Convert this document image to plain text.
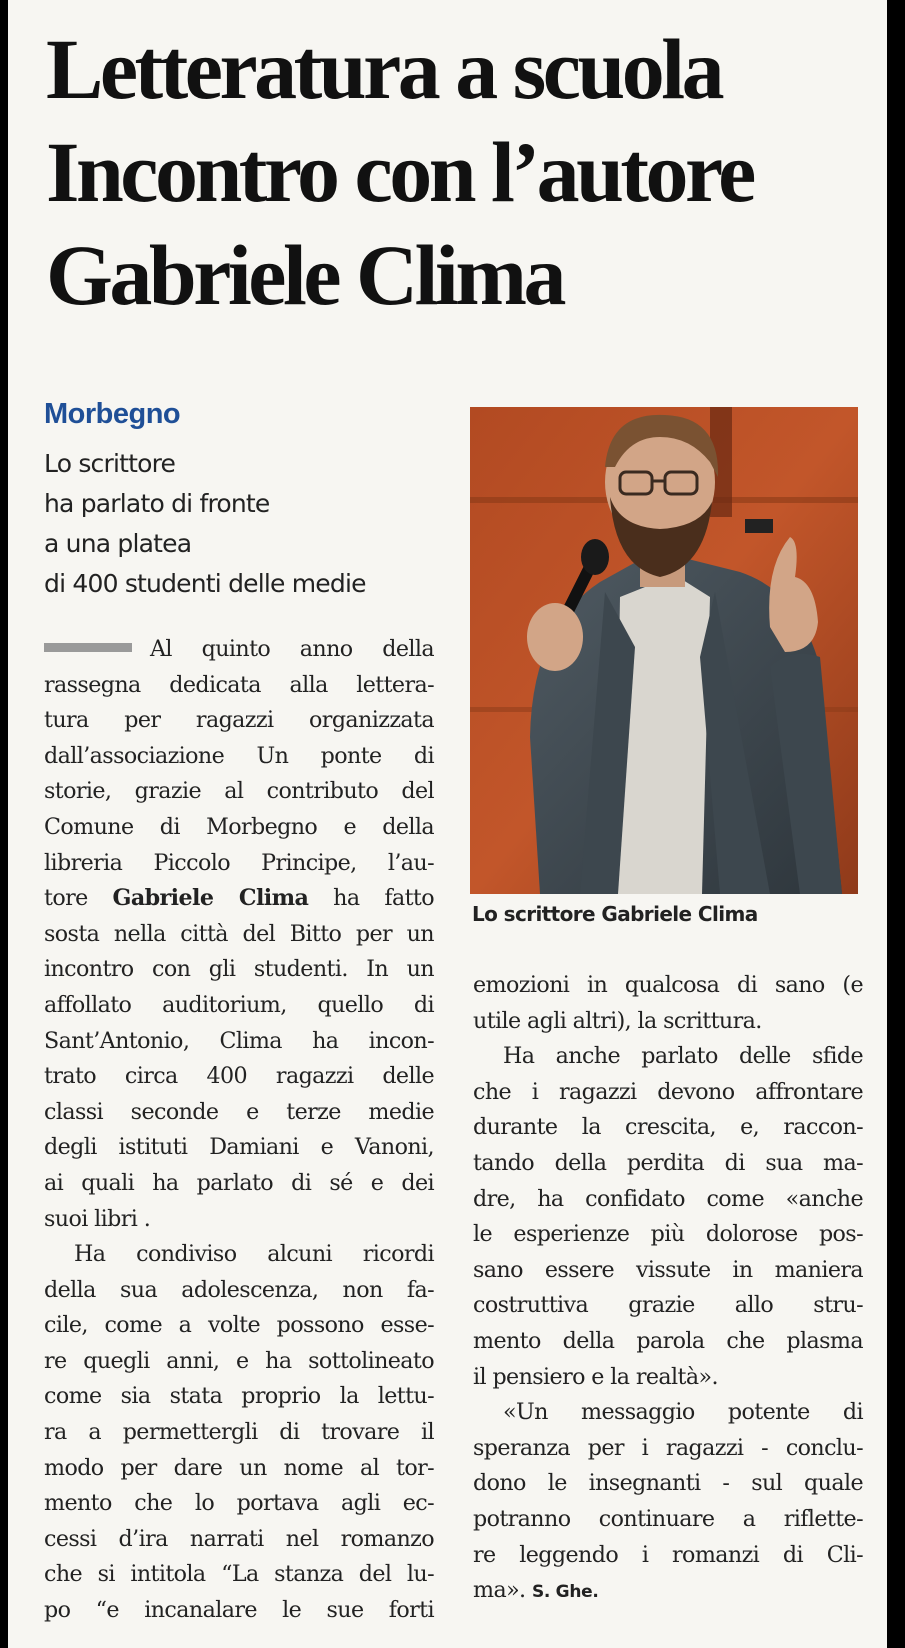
Letteratura a scuola
Incontro con l’autore
Gabriele Clima
Morbegno
Lo scrittore
ha parlato di fronte
a una platea
di 400 studenti delle medie
Al quinto anno della
rassegna dedicata alla lettera-
tura per ragazzi organizzata
dall’associazione Un ponte di
storie, grazie al contributo del
Comune di Morbegno e della
libreria Piccolo Principe, l’au-
tore Gabriele Clima ha fatto
sosta nella città del Bitto per un
incontro con gli studenti. In un
affollato auditorium, quello di
Sant’Antonio, Clima ha incon-
trato circa 400 ragazzi delle
classi seconde e terze medie
degli istituti Damiani e Vanoni,
ai quali ha parlato di sé e dei
suoi libri .
Ha condiviso alcuni ricordi
della sua adolescenza, non fa-
cile, come a volte possono esse-
re quegli anni, e ha sottolineato
come sia stata proprio la lettu-
ra a permettergli di trovare il
modo per dare un nome al tor-
mento che lo portava agli ec-
cessi d’ira narrati nel romanzo
che si intitola “La stanza del lu-
po “e incanalare le sue forti
Lo scrittore Gabriele Clima
emozioni in qualcosa di sano (e
utile agli altri), la scrittura.
Ha anche parlato delle sfide
che i ragazzi devono affrontare
durante la crescita, e, raccon-
tando della perdita di sua ma-
dre, ha confidato come «anche
le esperienze più dolorose pos-
sano essere vissute in maniera
costruttiva grazie allo stru-
mento della parola che plasma
il pensiero e la realtà».
«Un messaggio potente di
speranza per i ragazzi - conclu-
dono le insegnanti - sul quale
potranno continuare a riflette-
re leggendo i romanzi di Cli-
ma». S. Ghe.
